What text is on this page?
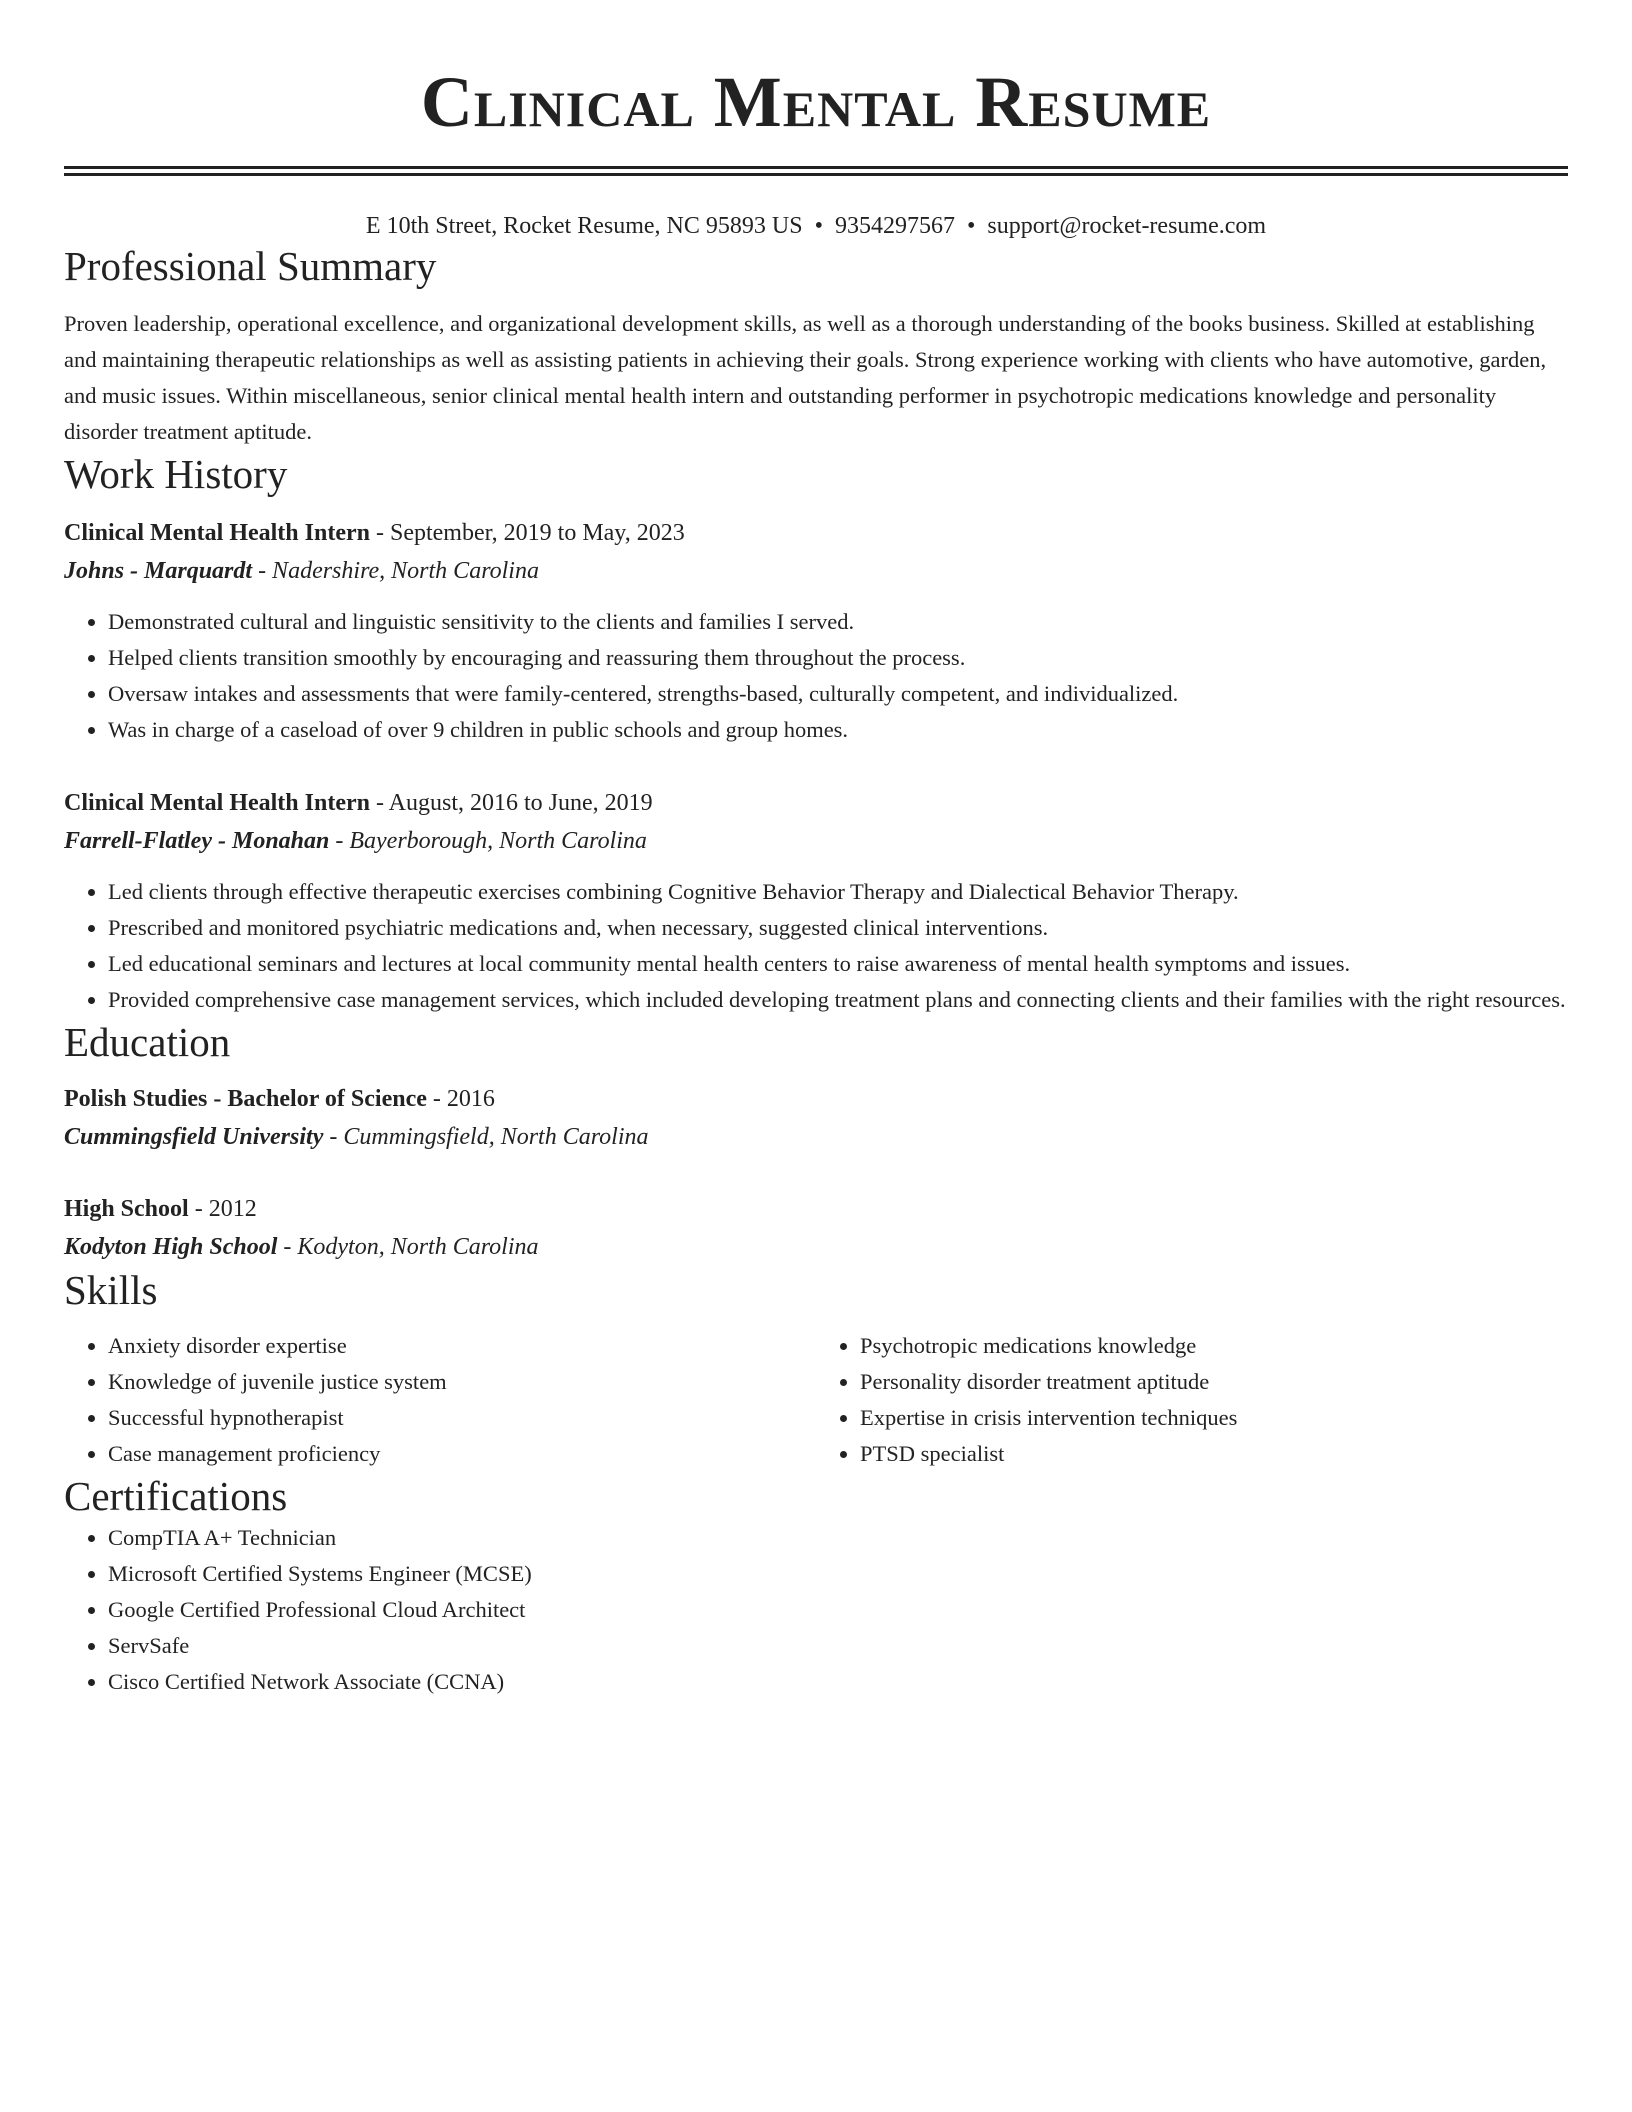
Clinical Mental Resume
E 10th Street, Rocket Resume, NC 95893 US • 9354297567 • support@rocket-resume.com
Professional Summary

Proven leadership, operational excellence, and organizational development skills, as well as a thorough understanding of the books business. Skilled at establishing and maintaining therapeutic relationships as well as assisting patients in achieving their goals. Strong experience working with clients who have automotive, garden, and music issues. Within miscellaneous, senior clinical mental health intern and outstanding performer in psychotropic medications knowledge and personality disorder treatment aptitude.

Work History
Clinical Mental Health Intern - September, 2019 to May, 2023
Johns - Marquardt - Nadershire, North Carolina
• Demonstrated cultural and linguistic sensitivity to the clients and families I served.
• Helped clients transition smoothly by encouraging and reassuring them throughout the process.
• Oversaw intakes and assessments that were family-centered, strengths-based, culturally competent, and individualized.
• Was in charge of a caseload of over 9 children in public schools and group homes.
Clinical Mental Health Intern - August, 2016 to June, 2019
Farrell-Flatley - Monahan - Bayerborough, North Carolina
• Led clients through effective therapeutic exercises combining Cognitive Behavior Therapy and Dialectical Behavior Therapy.
• Prescribed and monitored psychiatric medications and, when necessary, suggested clinical interventions.
• Led educational seminars and lectures at local community mental health centers to raise awareness of mental health symptoms and issues.
• Provided comprehensive case management services, which included developing treatment plans and connecting clients and their families with the right resources.
Education
Polish Studies - Bachelor of Science - 2016
Cummingsfield University - Cummingsfield, North Carolina
High School - 2012
Kodyton High School - Kodyton, North Carolina
Skills
• Anxiety disorder expertise
• Knowledge of juvenile justice system
• Successful hypnotherapist
• Case management proficiency
• Psychotropic medications knowledge
• Personality disorder treatment aptitude
• Expertise in crisis intervention techniques
• PTSD specialist
Certifications
• CompTIA A+ Technician
• Microsoft Certified Systems Engineer (MCSE)
• Google Certified Professional Cloud Architect
• ServSafe
• Cisco Certified Network Associate (CCNA)
